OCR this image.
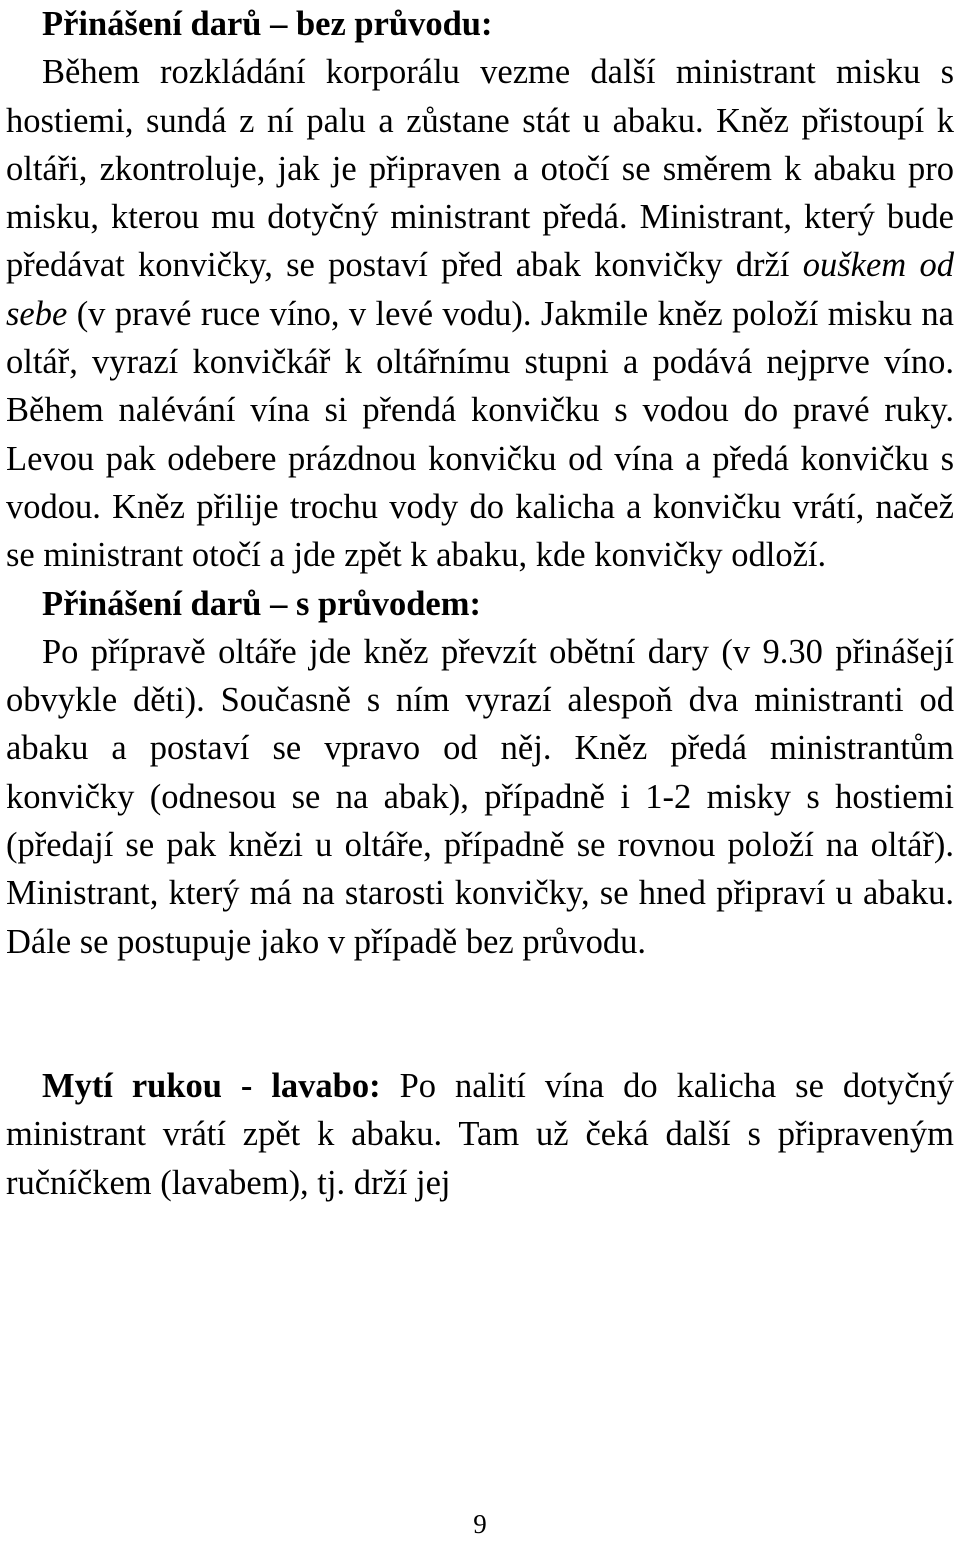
Přinášení darů – bez průvodu:

Během rozkládání korporálu vezme další ministrant misku s hostiemi, sundá z ní palu a zůstane stát u abaku. Kněz přistoupí k oltáři, zkontroluje, jak je připraven a otočí se směrem k abaku pro misku, kterou mu dotyčný ministrant předá. Ministrant, který bude předávat konvičky, se postaví před abak konvičky drží ouškem od sebe (v pravé ruce víno, v levé vodu). Jakmile kněz položí misku na oltář, vyrazí konvičkář k oltářnímu stupni a podává nejprve víno. Během nalévání vína si přendá konvičku s vodou do pravé ruky. Levou pak odebere prázdnou konvičku od vína a předá konvičku s vodou. Kněz přilije trochu vody do kalicha a konvičku vrátí, načež se ministrant otočí a jde zpět k abaku, kde konvičky odloží.

Přinášení darů – s průvodem:

Po přípravě oltáře jde kněz převzít obětní dary (v 9.30 přinášejí obvykle děti). Současně s ním vyrazí alespoň dva ministranti od abaku a postaví se vpravo od něj. Kněz předá ministrantům konvičky (odnesou se na abak), případně i 1-2 misky s hostiemi (předají se pak knězi u oltáře, případně se rovnou položí na oltář). Ministrant, který má na starosti konvičky, se hned připraví u abaku. Dále se postupuje jako v případě bez průvodu.

Mytí rukou - lavabo: Po nalití vína do kalicha se dotyčný ministrant vrátí zpět k abaku. Tam už čeká další s připraveným ručníčkem (lavabem), tj. drží jej

9
